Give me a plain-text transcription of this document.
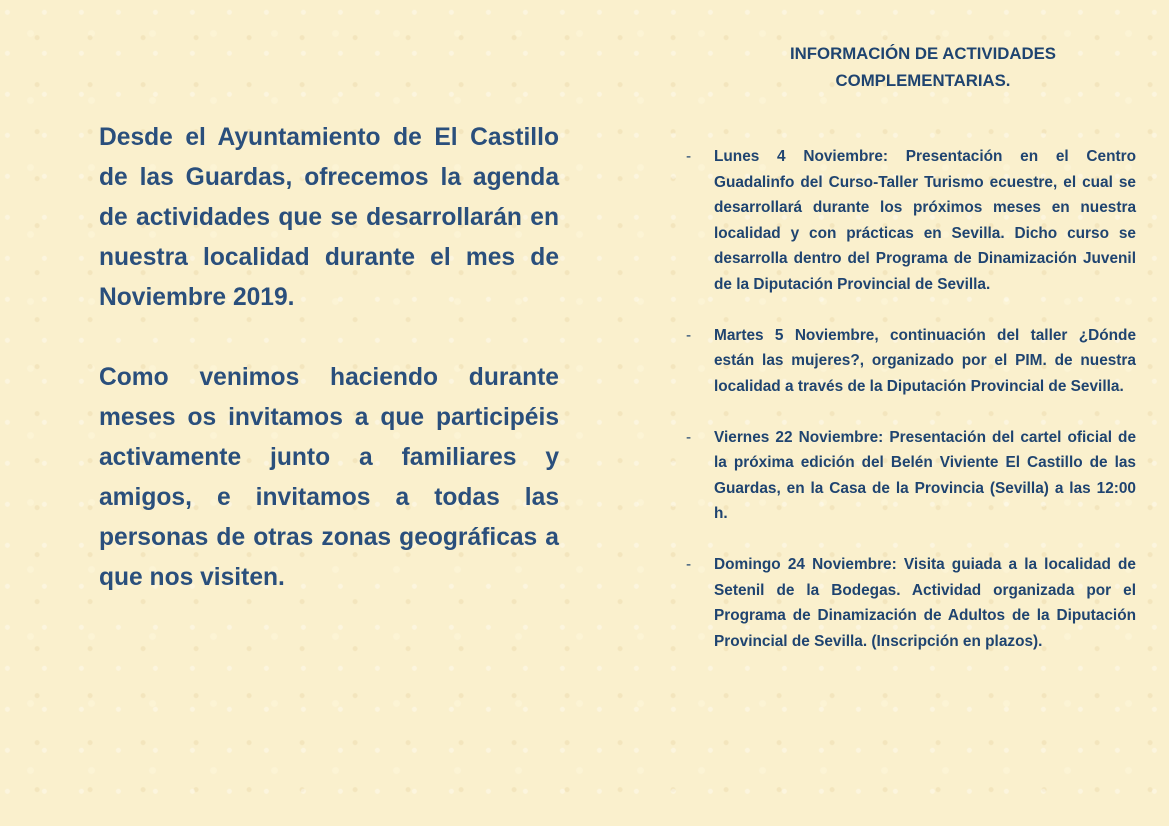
Desde el Ayuntamiento de El Castillo de las Guardas, ofrecemos la agenda de actividades que se desarrollarán en nuestra localidad durante el mes de Noviembre 2019.

Como venimos haciendo durante meses os invitamos a que participéis activamente junto a familiares y amigos, e invitamos a todas las personas de otras zonas geográficas a que nos visiten.

INFORMACIÓN DE ACTIVIDADES
COMPLEMENTARIAS.
- Lunes 4 Noviembre: Presentación en el Centro Guadalinfo del Curso-Taller Turismo ecuestre, el cual se desarrollará durante los próximos meses en nuestra localidad y con prácticas en Sevilla. Dicho curso se desarrolla dentro del Programa de Dinamización Juvenil de la Diputación Provincial de Sevilla.
- Martes 5 Noviembre, continuación del taller ¿Dónde están las mujeres?, organizado por el PIM. de nuestra localidad a través de la Diputación Provincial de Sevilla.
- Viernes 22 Noviembre: Presentación del cartel oficial de la próxima edición del Belén Viviente El Castillo de las Guardas, en la Casa de la Provincia (Sevilla) a las 12:00 h.
- Domingo 24 Noviembre: Visita guiada a la localidad de Setenil de la Bodegas. Actividad organizada por el Programa de Dinamización de Adultos de la Diputación Provincial de Sevilla. (Inscripción en plazos).
